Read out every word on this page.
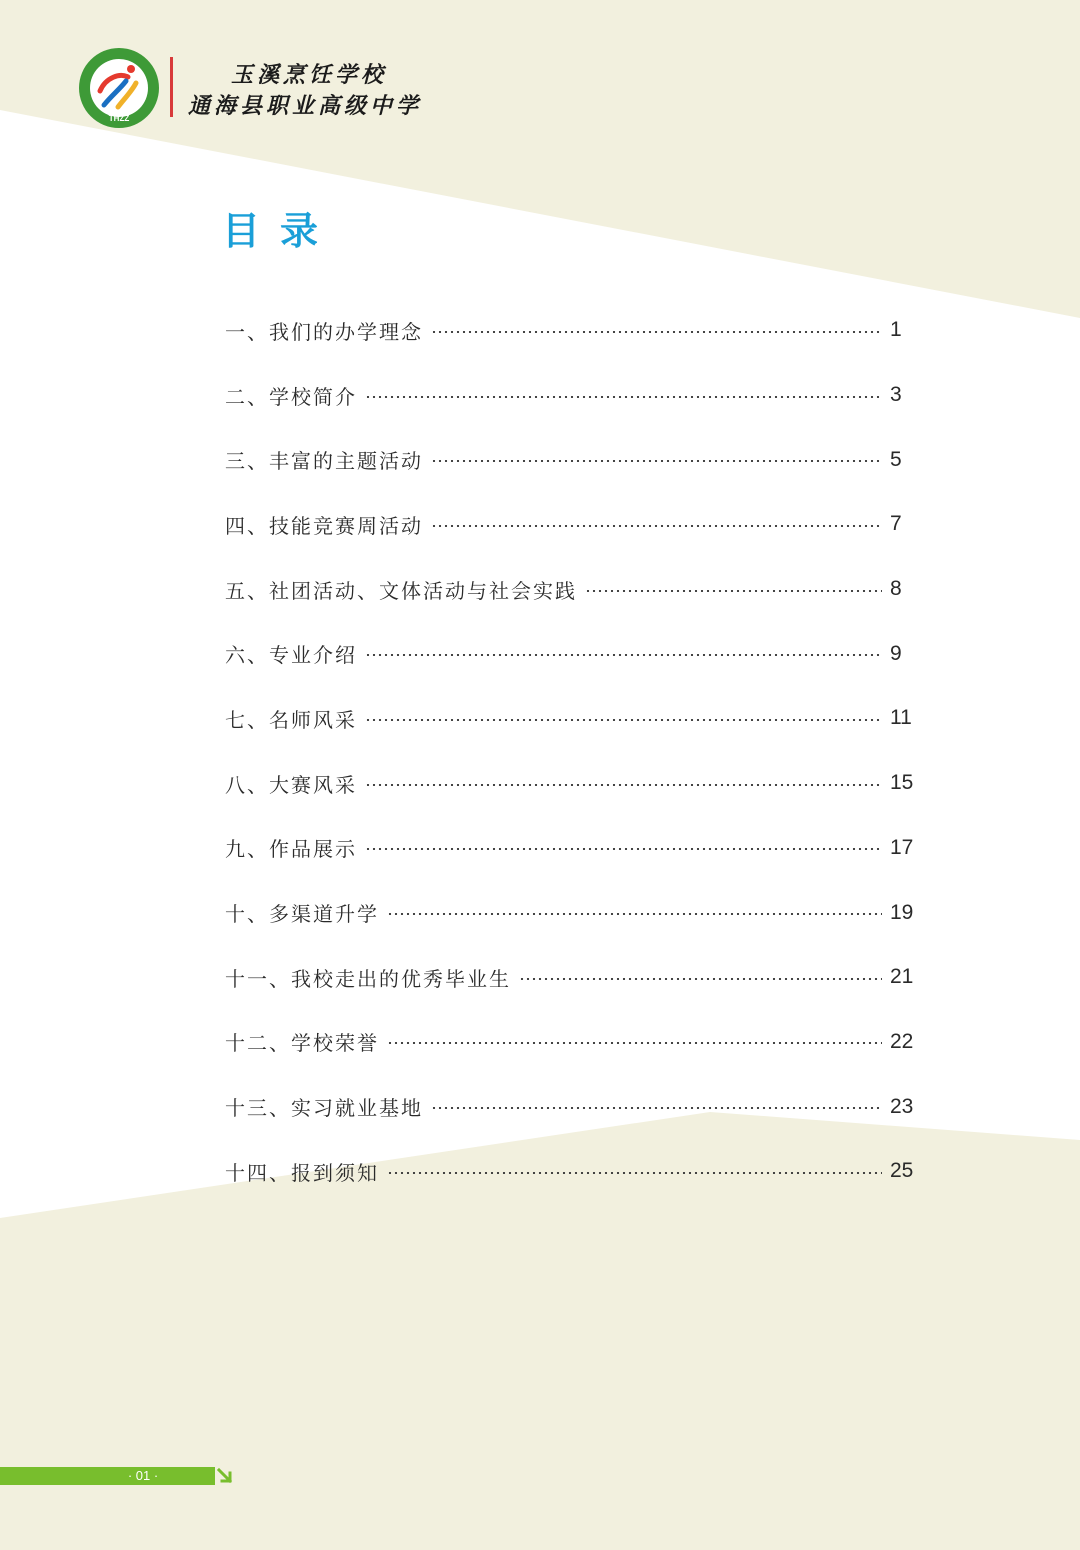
THZZ
玉溪烹饪学校
通海县职业高级中学
目录
一、我们的办学理念	1
二、学校简介	3
三、丰富的主题活动	5
四、技能竞赛周活动	7
五、社团活动、文体活动与社会实践	8
六、专业介绍	9
七、名师风采	11
八、大赛风采	15
九、作品展示	17
十、多渠道升学	19
十一、我校走出的优秀毕业生	21
十二、学校荣誉	22
十三、实习就业基地	23
十四、报到须知	25
· 01 ·
